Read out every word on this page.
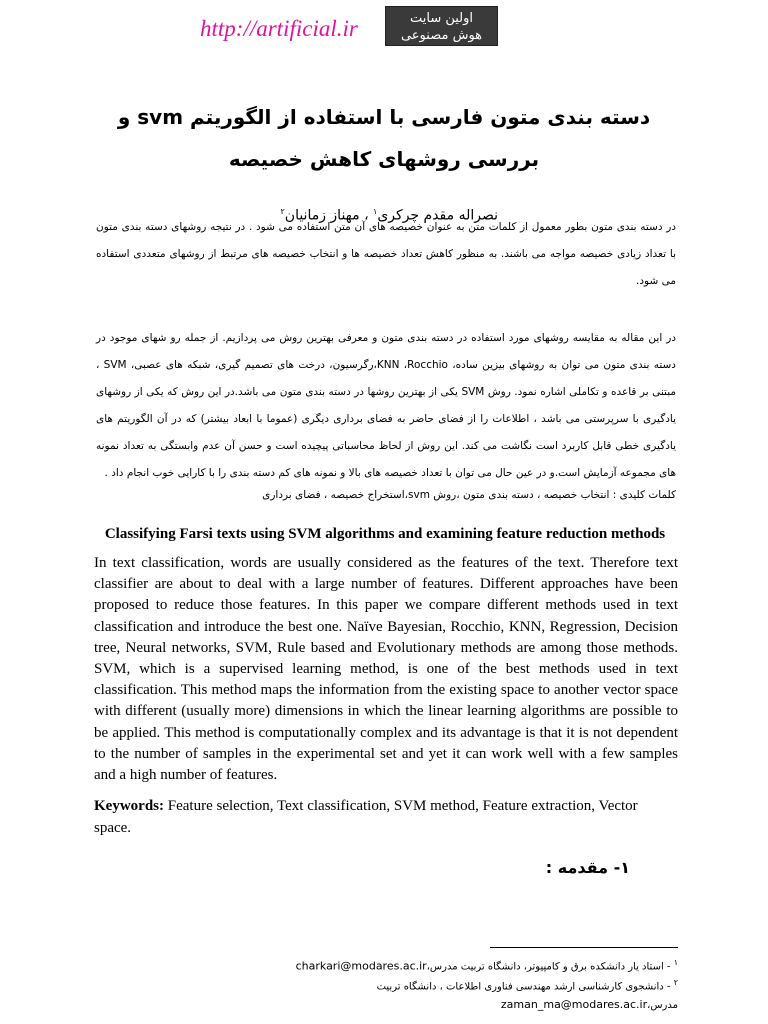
http://artificial.ir	اولین سایت
هوش مصنوعی
دسته بندی متون فارسی با استفاده از الگوریتم svm و بررسی روشهای کاهش خصیصه
نصراله مقدم چرکری$^۱$ ، مهناز زمانیان$^۲$
در دسته بندی متون بطور معمول از کلمات متن به عنوان خصیصه های آن متن استفاده می شود . در نتیجه روشهای دسته بندی متون با تعداد زیادی خصیصه مواجه می باشند. به منظور کاهش تعداد خصیصه ها و انتخاب خصیصه های مرتبط از روشهای متعددی استفاده می شود.
در این مقاله به مقایسه روشهای مورد استفاده در دسته بندی متون و معرفی بهترین روش می پردازیم. از جمله رو شهای موجود در دسته بندی متون می توان به روشهای بیزین ساده، KNN ،Rocchio،رگرسیون، درخت های تصمیم گیری، شبکه های عصبی، SVM ، مبتنی بر قاعده و تکاملی اشاره نمود. روش SVM یکی از بهترین روشها در دسته بندی متون می باشد.در این روش که یکی از روشهای یادگیری با سرپرستی می باشد ، اطلاعات را از فضای حاضر به فضای برداری دیگری (عموما با ابعاد بیشتر) که در آن الگوریتم های یادگیری خطی قابل کاربرد است نگاشت می کند. این روش از لحاظ محاسباتی پیچیده است و حسن آن عدم وابستگی به تعداد نمونه های مجموعه آزمایش است.و در عین حال می توان با تعداد خصیصه های بالا و نمونه های کم دسته بندی را با کارایی خوب انجام داد .
کلمات کلیدی : انتخاب خصیصه ، دسته بندی متون ،روش svm،استخراج خصیصه ، فضای برداری
Classifying Farsi texts using SVM algorithms and examining feature reduction methods
In text classification, words are usually considered as the features of the text. Therefore text classifier are about to deal with a large number of features. Different approaches have been proposed to reduce those features. In this paper we compare different methods used in text classification and introduce the best one. Naïve Bayesian, Rocchio, KNN, Regression, Decision tree, Neural networks, SVM, Rule based and Evolutionary methods are among those methods. SVM, which is a supervised learning method, is one of the best methods used in text classification. This method maps the information from the existing space to another vector space with different (usually more) dimensions in which the linear learning algorithms are possible to be applied. This method is computationally complex and its advantage is that it is not dependent to the number of samples in the experimental set and yet it can work well with a few samples and a high number of features.
Keywords: Feature selection, Text classification, SVM method, Feature extraction, Vector space.
۱- مقدمه :
$^۱$ - استاد یار دانشکده برق و کامپیوتر، دانشگاه تربیت مدرس،charkari@modares.ac.ir
$^۲$ - دانشجوی کارشناسی ارشد مهندسی فناوری اطلاعات ، دانشگاه تربیت مدرس،zaman_ma@modares.ac.ir
